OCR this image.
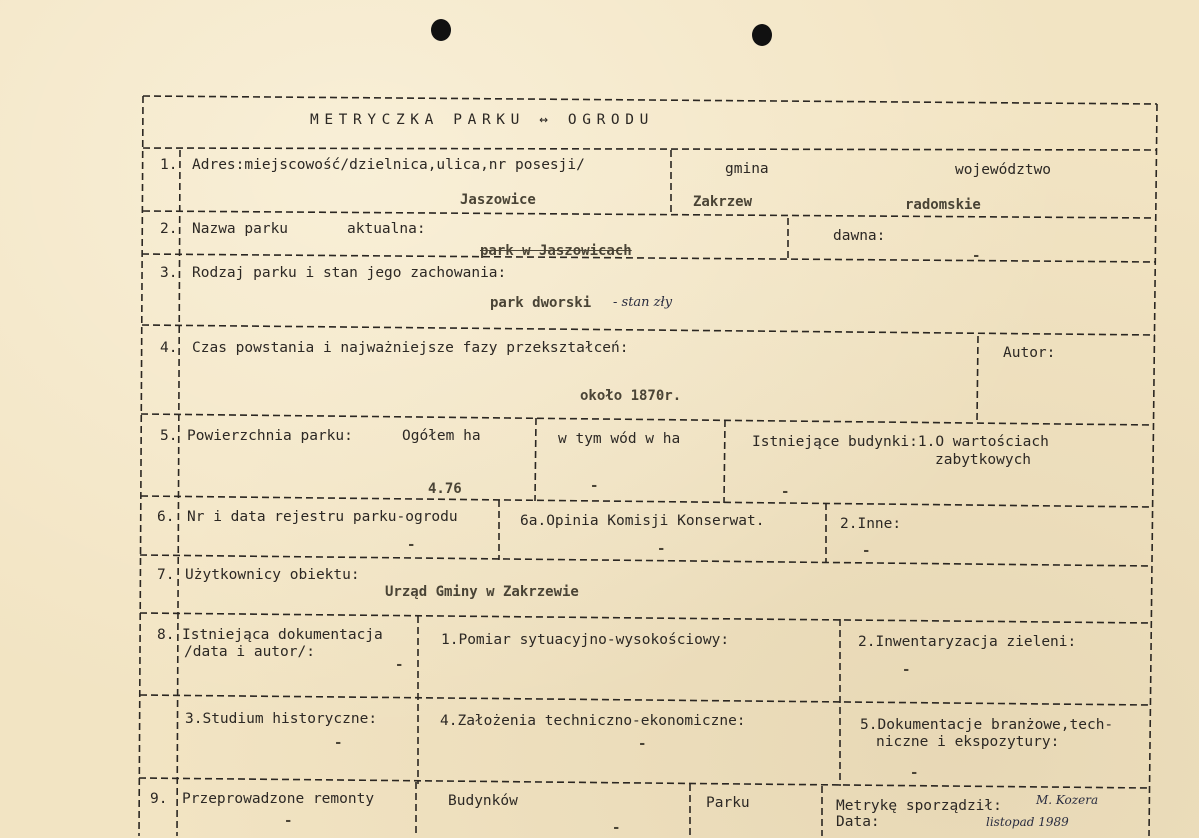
METRYCZKA PARKU ↔ OGRODU
1. Adres:miejscowość/dzielnica,ulica,nr posesji/	gmina	województwo
Jaszowice	Zakrzew	radomskie
2. Nazwa parku	aktualna:
park w Jaszowicach
dawna:
-
3. Rodzaj parku i stan jego zachowania:
park dworski - stan zły
4. Czas powstania i najważniejsze fazy przekształceń:	Autor:
około 1870r.
5. Powierzchnia parku:	Ogółem ha
4.76
w tym wód w ha
-
Istniejące budynki:1.O wartościach
zabytkowych
-
6. Nr i data rejestru parku-ogrodu
-
6a.Opinia Komisji Konserwat.
-
2.Inne:
-
7. Użytkownicy obiektu:
Urząd Gminy w Zakrzewie
8. Istniejąca dokumentacja
/data i autor/:
-
1.Pomiar sytuacyjno-wysokościowy:	2.Inwentaryzacja zieleni:
-
3.Studium historyczne:
-
4.Założenia techniczno-ekonomiczne:
-
5.Dokumentacje branżowe,tech-
niczne i ekspozytury:
-
9. Przeprowadzone remonty
-
Budynków
-
Parku	Metrykę sporządził:	M. Kozera
Data:	listopad 1989
